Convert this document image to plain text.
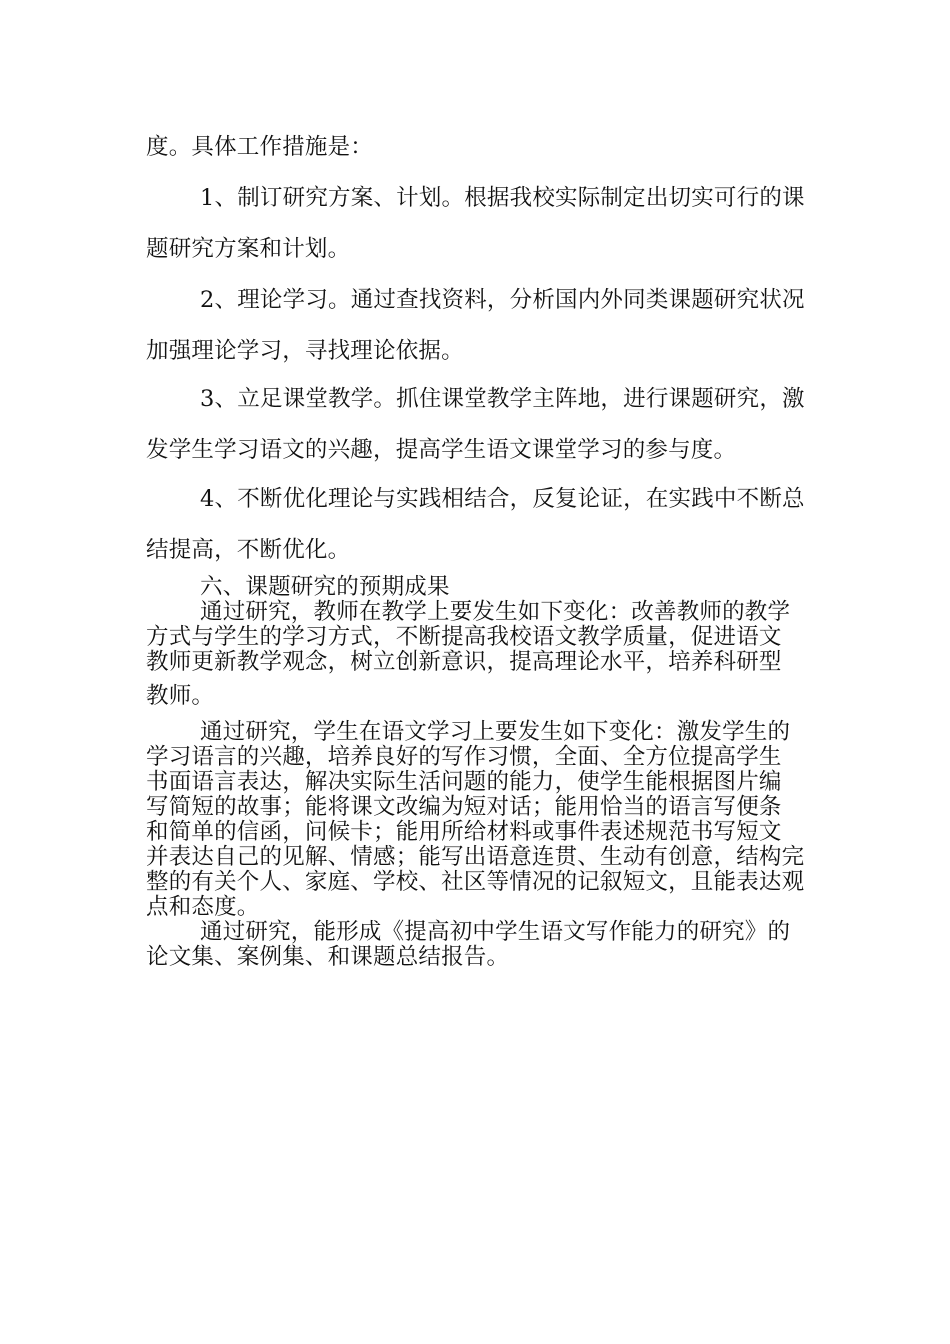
度。具体工作措施是：
1、制订研究方案、计划。根据我校实际制定出切实可行的课
题研究方案和计划。
2、理论学习。通过查找资料，分析国内外同类课题研究状况
加强理论学习，寻找理论依据。
3、立足课堂教学。抓住课堂教学主阵地，进行课题研究，激
发学生学习语文的兴趣，提高学生语文课堂学习的参与度。
4、不断优化理论与实践相结合，反复论证，在实践中不断总
结提高，不断优化。
六、课题研究的预期成果
通过研究，教师在教学上要发生如下变化：改善教师的教学
方式与学生的学习方式，不断提高我校语文教学质量，促进语文
教师更新教学观念，树立创新意识，提高理论水平，培养科研型
教师。
通过研究，学生在语文学习上要发生如下变化：激发学生的
学习语言的兴趣，培养良好的写作习惯，全面、全方位提高学生
书面语言表达，解决实际生活问题的能力，使学生能根据图片编
写简短的故事；能将课文改编为短对话；能用恰当的语言写便条
和简单的信函，问候卡；能用所给材料或事件表述规范书写短文
并表达自己的见解、情感；能写出语意连贯、生动有创意，结构完
整的有关个人、家庭、学校、社区等情况的记叙短文，且能表达观
点和态度。
通过研究，能形成《提高初中学生语文写作能力的研究》的
论文集、案例集、和课题总结报告。
